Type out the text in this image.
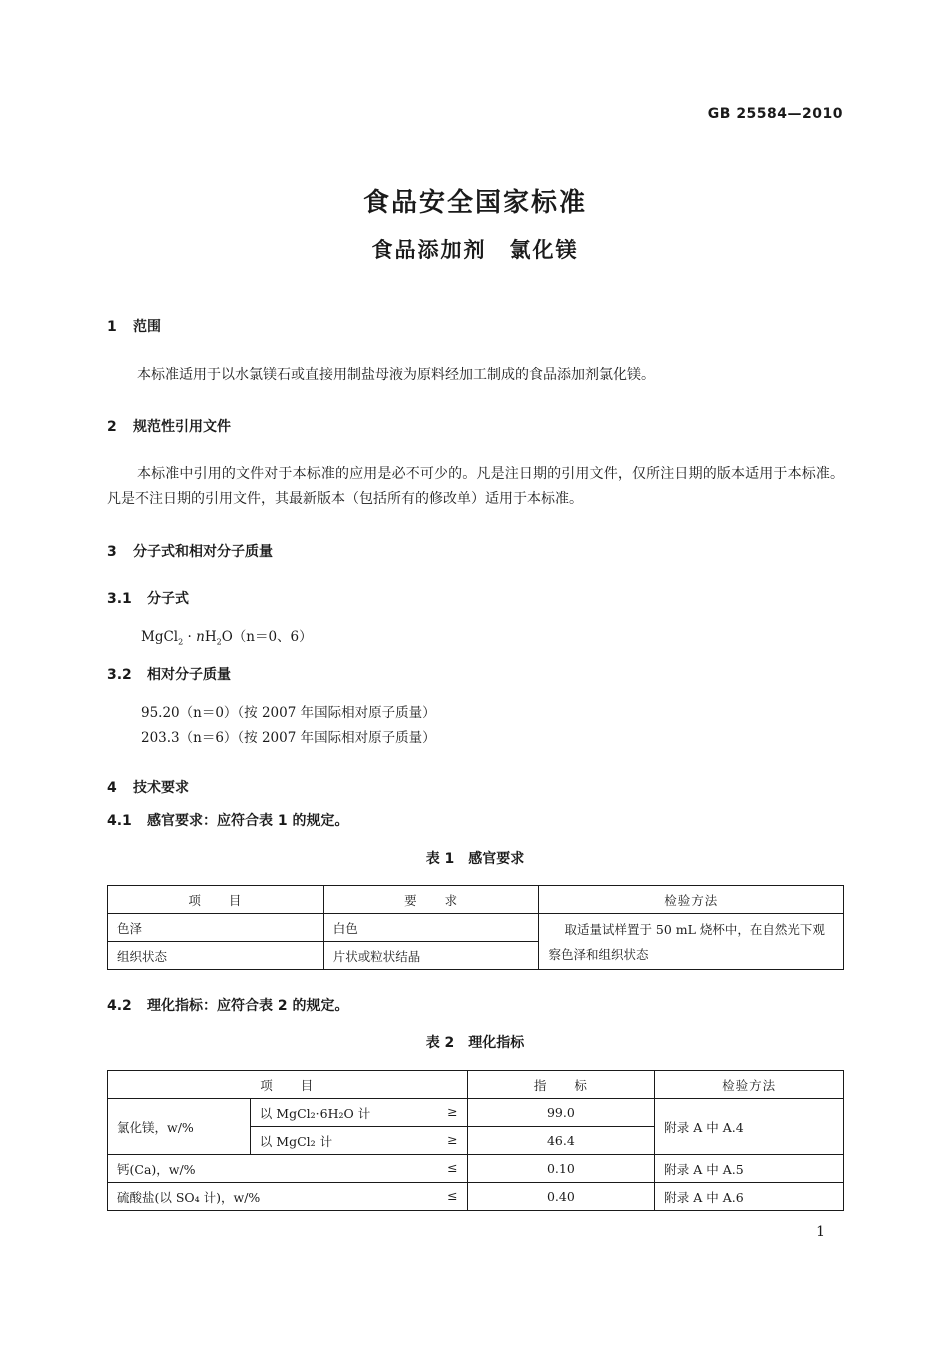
GB 25584—2010
食品安全国家标准
食品添加剂　氯化镁
1 范围
本标准适用于以水氯镁石或直接用制盐母液为原料经加工制成的食品添加剂氯化镁。
2 规范性引用文件
本标准中引用的文件对于本标准的应用是必不可少的。凡是注日期的引用文件，仅所注日期的版本适用于本标准。凡是不注日期的引用文件，其最新版本（包括所有的修改单）适用于本标准。
3 分子式和相对分子质量
3.1 分子式
MgCl$_2$ · $nH_2O(n=0$、6）
3.2 相对分子质量
95.20（n＝0）（按 2007 年国际相对原子质量）
203.3（n＝6）（按 2007 年国际相对原子质量）
4 技术要求
4.1 感官要求：应符合表 1 的规定。
表 1　感官要求
项　　目	要　　求	检验方法
色泽	白色	取适量试样置于 50 mL 烧杯中，在自然光下观察色泽和组织状态

组织状态	片状或粒状结晶	
4.2 理化指标：应符合表 2 的规定。
表 2　理化指标
项　　目		指　　标	检验方法
氯化镁，w/%	以 MgCl₂·6H₂O 计 ≥	99.0	附录 A 中 A.4
	以 MgCl₂ 计 ≥	46.4	
钙(Ca)，w/% ≤		0.10	附录 A 中 A.5
硫酸盐(以 SO₄ 计)，w/% ≤		0.40	附录 A 中 A.6
1
